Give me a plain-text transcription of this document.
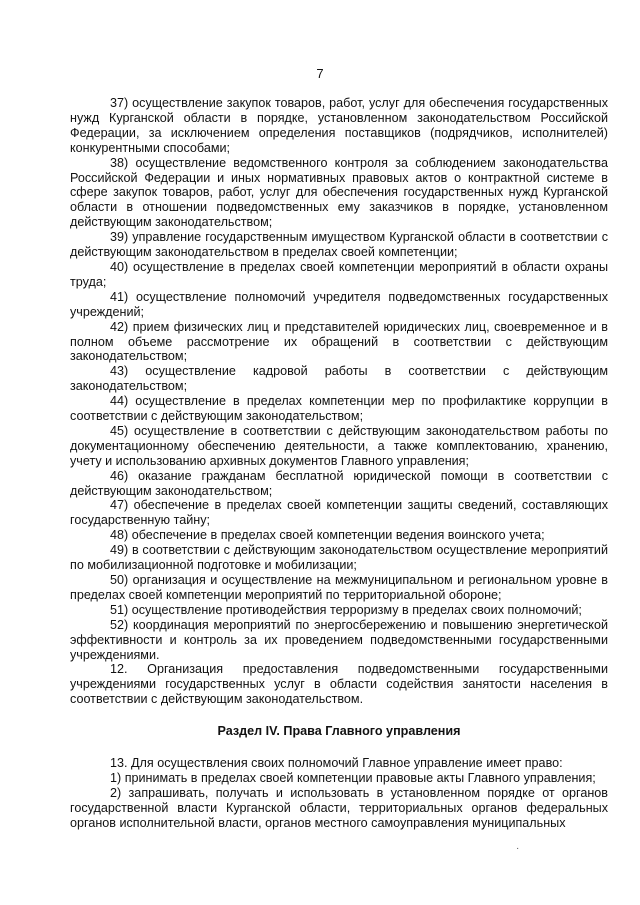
7

37) осуществление закупок товаров, работ, услуг для обеспечения государственных нужд Курганской области в порядке, установленном законодательством Российской Федерации, за исключением определения поставщиков (подрядчиков, исполнителей) конкурентными способами;

38) осуществление ведомственного контроля за соблюдением законодательства Российской Федерации и иных нормативных правовых актов о контрактной системе в сфере закупок товаров, работ, услуг для обеспечения государственных нужд Курганской области в отношении подведомственных ему заказчиков в порядке, установленном действующим законодательством;

39) управление государственным имуществом Курганской области в соответствии с действующим законодательством в пределах своей компетенции;

40) осуществление в пределах своей компетенции мероприятий в области охраны труда;

41) осуществление полномочий учредителя подведомственных государственных учреждений;

42) прием физических лиц и представителей юридических лиц, своевременное и в полном объеме рассмотрение их обращений в соответствии с действующим законодательством;

43) осуществление кадровой работы в соответствии с действующим законодательством;

44) осуществление в пределах компетенции мер по профилактике коррупции в соответствии с действующим законодательством;

45) осуществление в соответствии с действующим законодательством работы по документационному обеспечению деятельности, а также комплектованию, хранению, учету и использованию архивных документов Главного управления;

46) оказание гражданам бесплатной юридической помощи в соответствии с действующим законодательством;

47) обеспечение в пределах своей компетенции защиты сведений, составляющих государственную тайну;

48) обеспечение в пределах своей компетенции ведения воинского учета;

49) в соответствии с действующим законодательством осуществление мероприятий по мобилизационной подготовке и мобилизации;

50) организация и осуществление на межмуниципальном и региональном уровне в пределах своей компетенции мероприятий по территориальной обороне;

51) осуществление противодействия терроризму в пределах своих полномочий;

52) координация мероприятий по энергосбережению и повышению энергетической эффективности и контроль за их проведением подведомственными государственными учреждениями.

12. Организация предоставления подведомственными государственными учреждениями государственных услуг в области содействия занятости населения в соответствии с действующим законодательством.

Раздел IV. Права Главного управления

13. Для осуществления своих полномочий Главное управление имеет право:

1) принимать в пределах своей компетенции правовые акты Главного управления;

2) запрашивать, получать и использовать в установленном порядке от органов государственной власти Курганской области, территориальных органов федеральных органов исполнительной власти, органов местного самоуправления муниципальных

·
